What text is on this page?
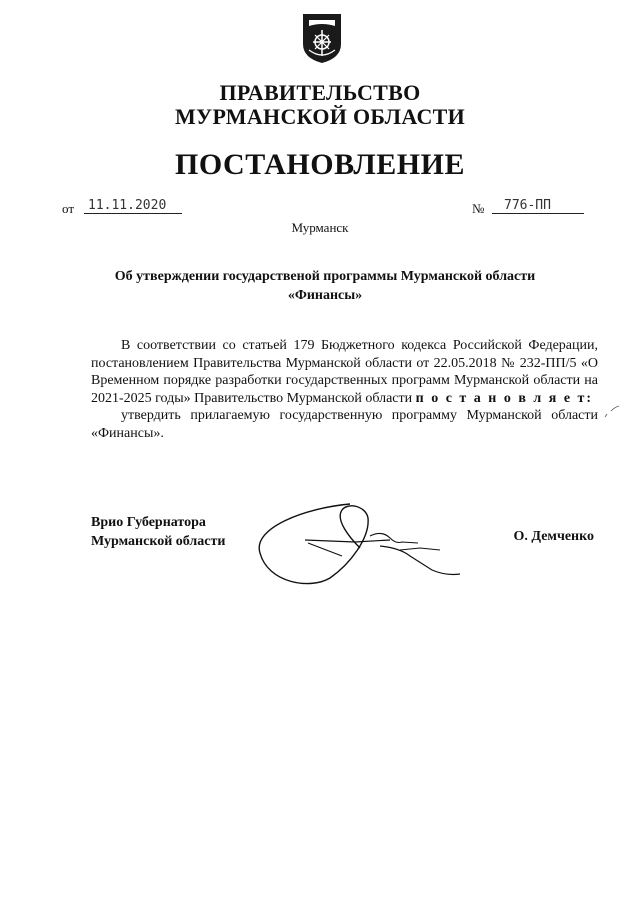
ПРАВИТЕЛЬСТВО
МУРМАНСКОЙ ОБЛАСТИ
ПОСТАНОВЛЕНИЕ
от	11.11.2020	№	776-ПП
Мурманск
Об утверждении государственой программы Мурманской области
«Финансы»

В соответствии со статьей 179 Бюджетного кодекса Российской Федерации, постановлением Правительства Мурманской области от 22.05.2018 № 232-ПП/5 «О Временном порядке разработки государственных программ Мурманской области на 2021-2025 годы» Правительство Мурманской области п о с т а н о в л я е т:

утвердить прилагаемую государственную программу Мурманской области «Финансы».

Врио Губернатора
Мурманской области	О. Демченко
